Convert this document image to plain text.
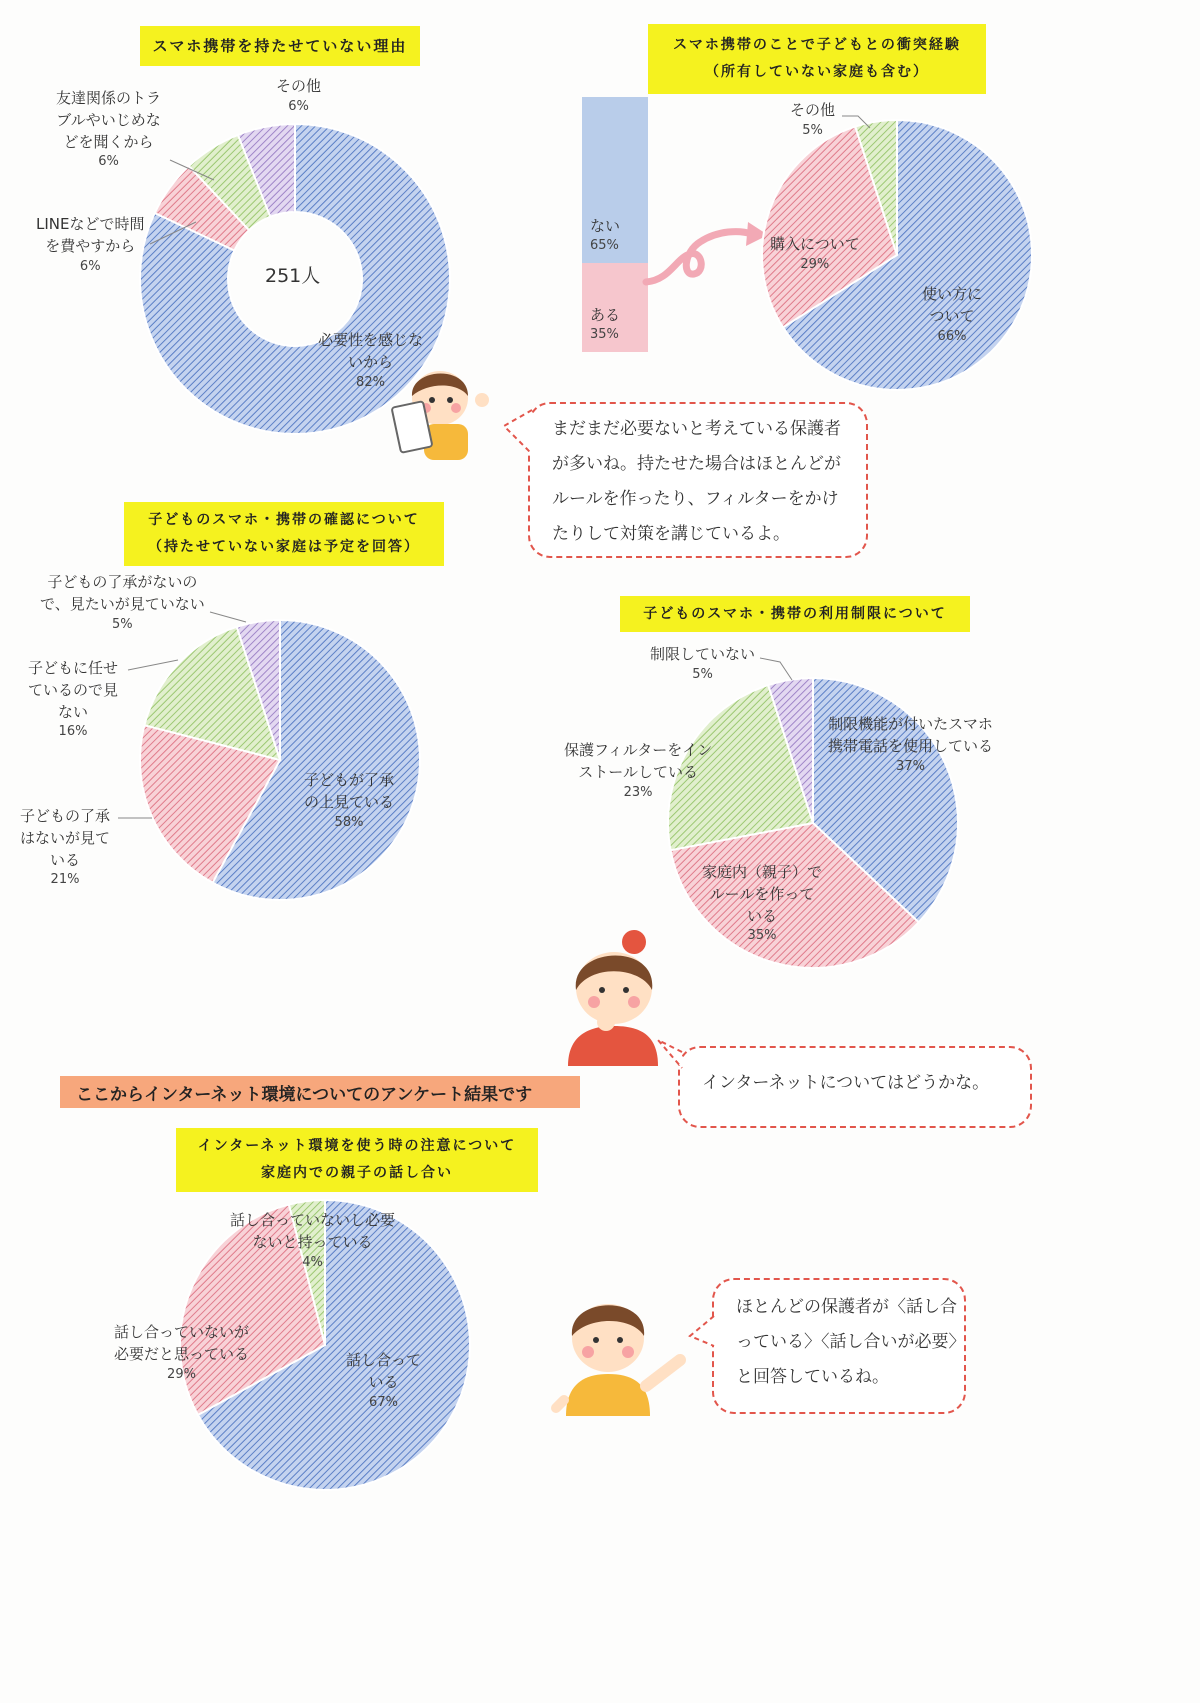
スマホ携帯を持たせていない理由
251人
必要性を感じな
いから
82%
LINEなどで時間
を費やすから
6%
友達関係のトラ
ブルやいじめな
どを聞くから
6%
その他
6%
スマホ携帯のことで子どもとの衝突経験
（所有していない家庭も含む）
ない
65%
ある
35%
使い方に
ついて
66%
購入について
29%
その他
5%
まだまだ必要ないと考えている保護者
が多いね。持たせた場合はほとんどが
ルールを作ったり、フィルターをかけ
たりして対策を講じているよ。
子どものスマホ・携帯の確認について
（持たせていない家庭は予定を回答）
子どもが了承
の上見ている
58%
子どもの了承
はないが見て
いる
21%
子どもに任せ
ているので見
ない
16%
子どもの了承がないの
で、見たいが見ていない
5%
子どものスマホ・携帯の利用制限について
制限機能が付いたスマホ
携帯電話を使用している
37%
家庭内（親子）で
ルールを作って
いる
35%
保護フィルターをイン
ストールしている
23%
制限していない
5%
インターネットについてはどうかな。
ここからインターネット環境についてのアンケート結果です
インターネット環境を使う時の注意について
家庭内での親子の話し合い
話し合って
いる
67%
話し合っていないが
必要だと思っている
29%
話し合っていないし必要
ないと持っている
4%
ほとんどの保護者が〈話し合
っている〉〈話し合いが必要〉
と回答しているね。
